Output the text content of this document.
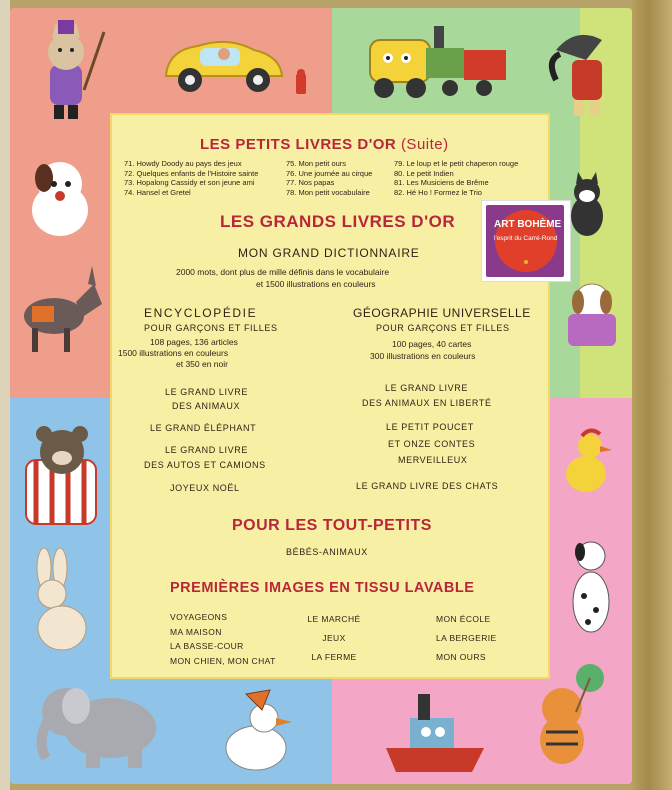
LES PETITS LIVRES D'OR (Suite)
71. Howdy Doody au pays des jeux
72. Quelques enfants de l'Histoire sainte
73. Hopalong Cassidy et son jeune ami
74. Hansel et Gretel
75. Mon petit ours
76. Une journée au cirque
77. Nos papas
78. Mon petit vocabulaire
79. Le loup et le petit chaperon rouge
80. Le petit Indien
81. Les Musiciens de Brême
82. Hé Ho ! Formez le Trio
LES GRANDS LIVRES D'OR
MON GRAND DICTIONNAIRE
2000 mots, dont plus de mille définis dans le vocabulaire
et 1500 illustrations en couleurs
ENCYCLOPÉDIE
POUR GARÇONS ET FILLES
108 pages, 136 articles
1500 illustrations en couleurs
et 350 en noir
GÉOGRAPHIE UNIVERSELLE
POUR GARÇONS ET FILLES
100 pages, 40 cartes
300 illustrations en couleurs
LE GRAND LIVRE
DES ANIMAUX
LE GRAND ÉLÉPHANT
LE GRAND LIVRE
DES AUTOS ET CAMIONS
JOYEUX NOËL
LE GRAND LIVRE
DES ANIMAUX EN LIBERTÉ
LE PETIT POUCET
ET ONZE CONTES
MERVEILLEUX
LE GRAND LIVRE DES CHATS
POUR LES TOUT-PETITS
BÉBÉS-ANIMAUX
PREMIÈRES IMAGES EN TISSU LAVABLE
VOYAGEONS
MA MAISON
LA BASSE-COUR
MON CHIEN, MON CHAT
LE MARCHÉ
JEUX
LA FERME
MON ÉCOLE
LA BERGERIE
MON OURS
ART BOHÈME
l'esprit du Carré-Rond
